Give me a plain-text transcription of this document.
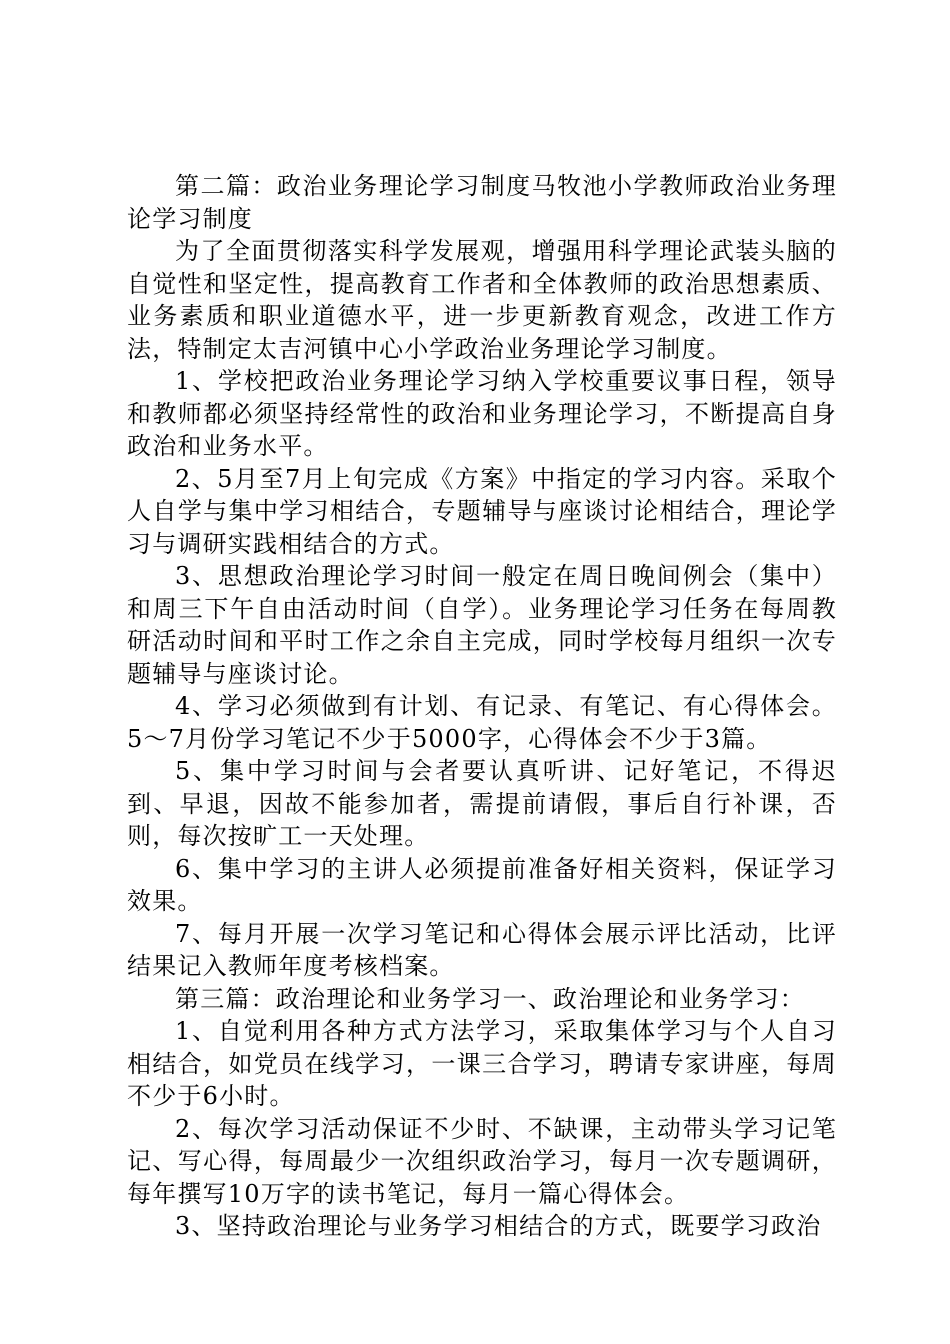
第二篇：政治业务理论学习制度马牧池小学教师政治业务理论学习制度

为了全面贯彻落实科学发展观，增强用科学理论武装头脑的自觉性和坚定性，提高教育工作者和全体教师的政治思想素质、业务素质和职业道德水平，进一步更新教育观念，改进工作方法，特制定太吉河镇中心小学政治业务理论学习制度。

1、学校把政治业务理论学习纳入学校重要议事日程，领导和教师都必须坚持经常性的政治和业务理论学习，不断提高自身政治和业务水平。

2、5月至7月上旬完成《方案》中指定的学习内容。采取个人自学与集中学习相结合，专题辅导与座谈讨论相结合，理论学习与调研实践相结合的方式。

3、思想政治理论学习时间一般定在周日晚间例会（集中）和周三下午自由活动时间（自学）。业务理论学习任务在每周教研活动时间和平时工作之余自主完成，同时学校每月组织一次专题辅导与座谈讨论。

4、学习必须做到有计划、有记录、有笔记、有心得体会。5～7月份学习笔记不少于5000字，心得体会不少于3篇。

5、集中学习时间与会者要认真听讲、记好笔记，不得迟到、早退，因故不能参加者，需提前请假，事后自行补课，否则，每次按旷工一天处理。

6、集中学习的主讲人必须提前准备好相关资料，保证学习效果。

7、每月开展一次学习笔记和心得体会展示评比活动，比评结果记入教师年度考核档案。

第三篇：政治理论和业务学习一、政治理论和业务学习：

1、自觉利用各种方式方法学习，采取集体学习与个人自习相结合，如党员在线学习，一课三合学习，聘请专家讲座，每周不少于6小时。

2、每次学习活动保证不少时、不缺课，主动带头学习记笔记、写心得，每周最少一次组织政治学习，每月一次专题调研，每年撰写10万字的读书笔记，每月一篇心得体会。

3、坚持政治理论与业务学习相结合的方式，既要学习政治
